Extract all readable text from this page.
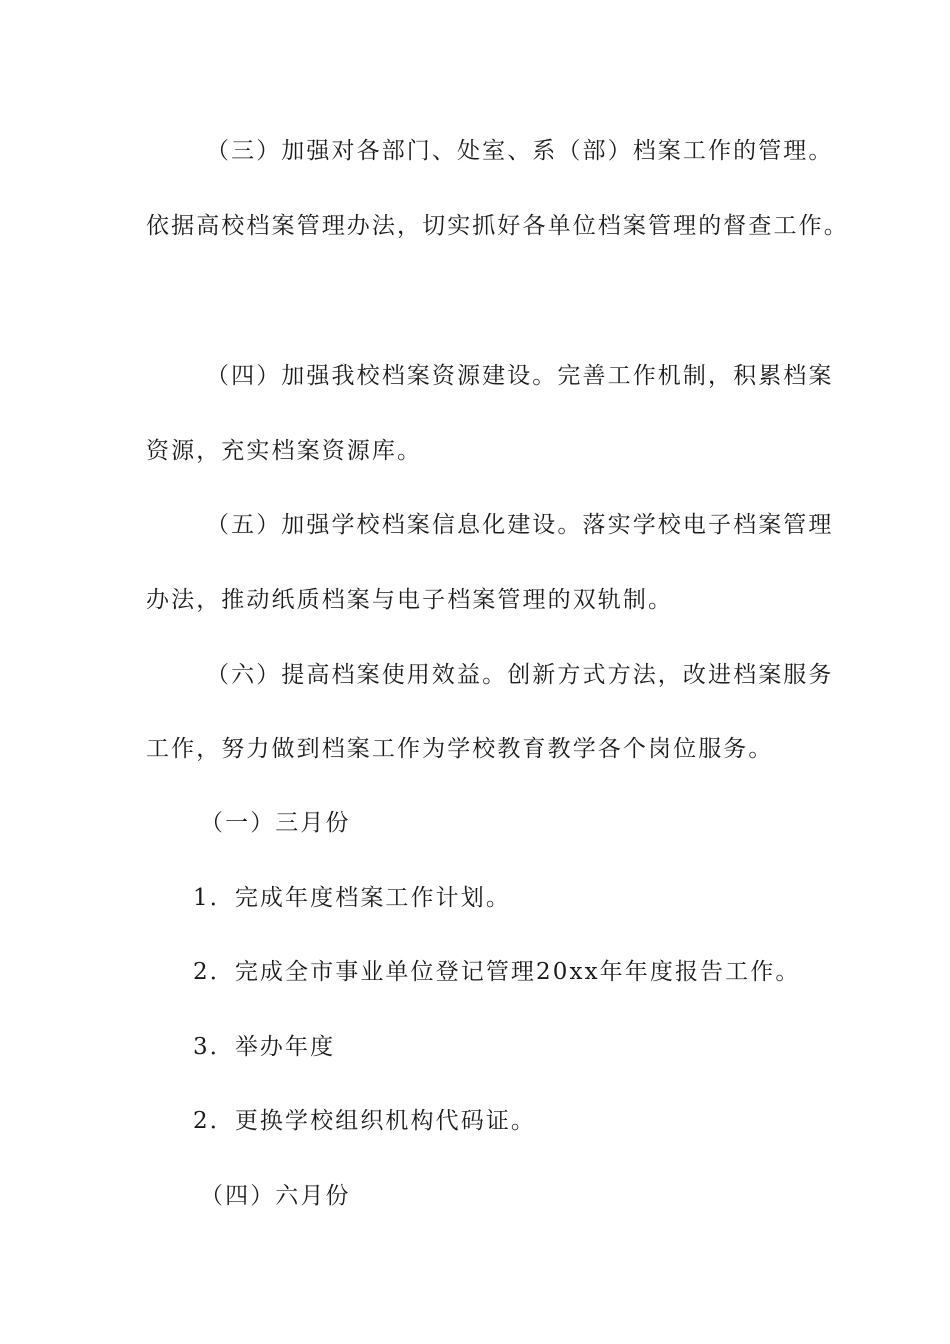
（三）加强对各部门、处室、系（部）档案工作的管理。
依据高校档案管理办法，切实抓好各单位档案管理的督查工作。
（四）加强我校档案资源建设。完善工作机制，积累档案
资源，充实档案资源库。
（五）加强学校档案信息化建设。落实学校电子档案管理
办法，推动纸质档案与电子档案管理的双轨制。
（六）提高档案使用效益。创新方式方法，改进档案服务
工作，努力做到档案工作为学校教育教学各个岗位服务。
（一）三月份
1．完成年度档案工作计划。
2．完成全市事业单位登记管理20xx年年度报告工作。
3．举办年度
2．更换学校组织机构代码证。
（四）六月份
